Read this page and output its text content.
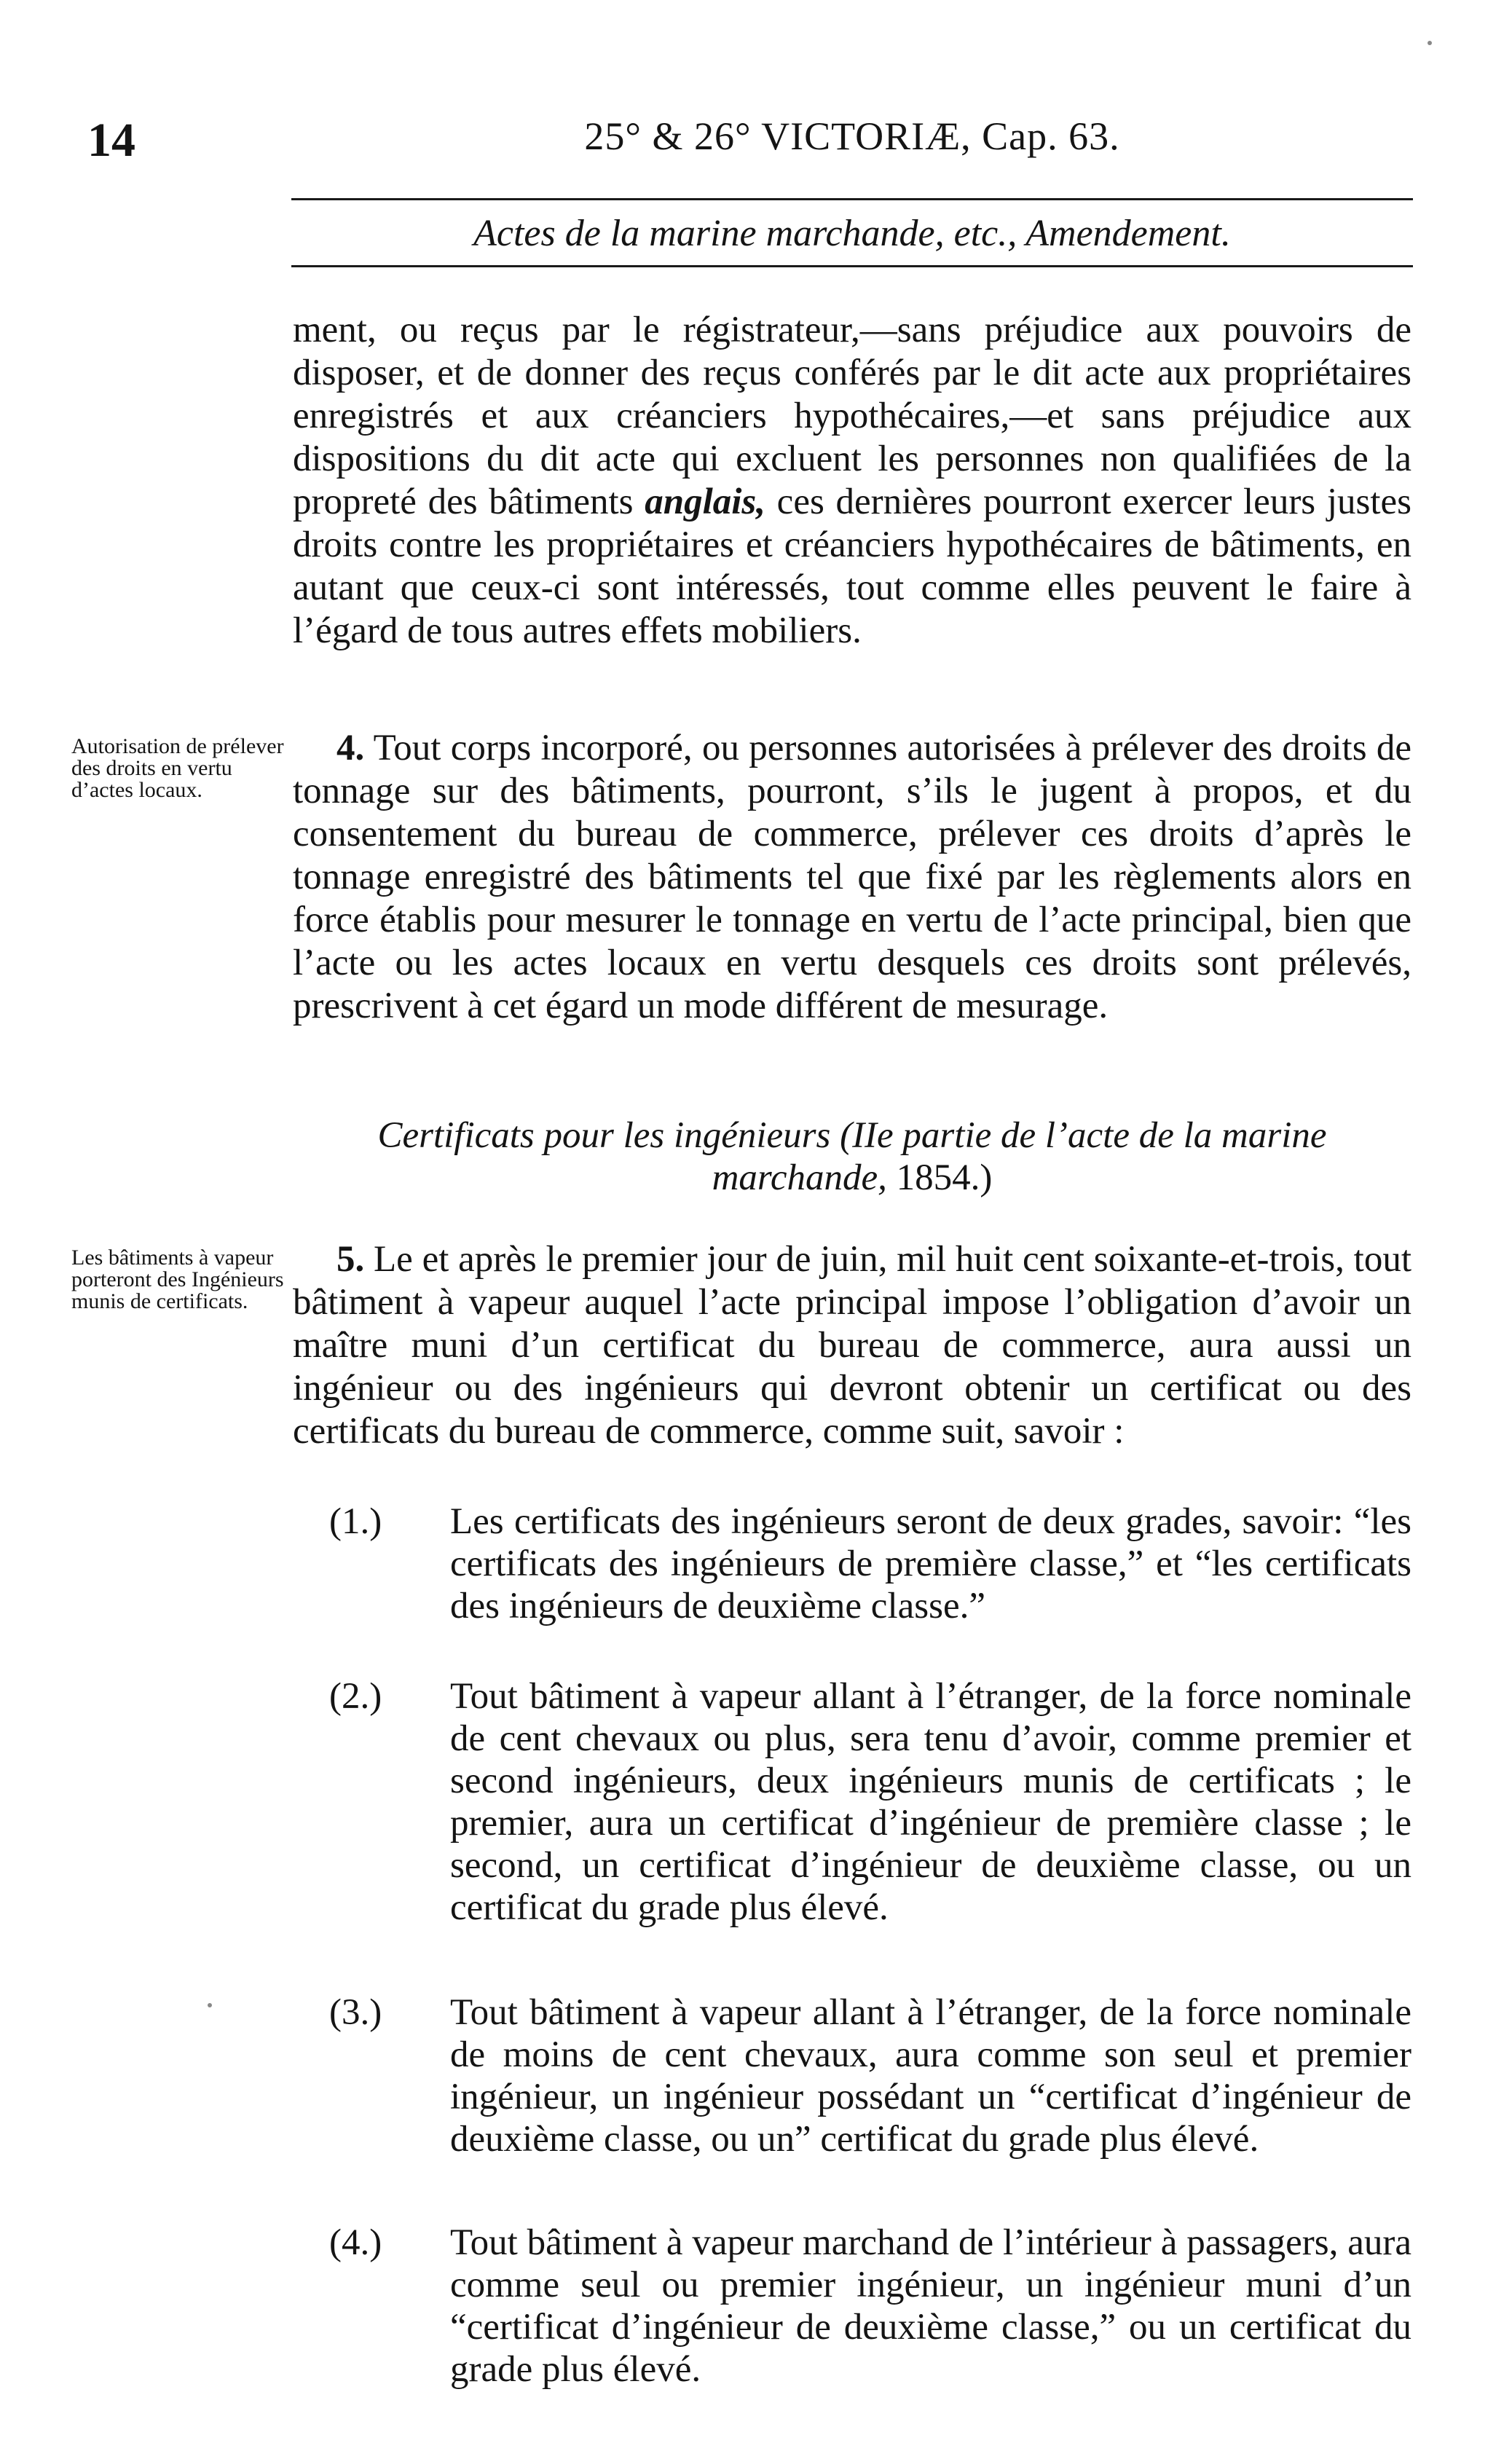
14	25° & 26° VICTORIÆ, Cap. 63.
Actes de la marine marchande, etc., Amendement.

ment, ou reçus par le régistrateur,—sans préjudice aux pouvoirs de disposer, et de donner des reçus conférés par le dit acte aux propriétaires enregistrés et aux créanciers hypothécaires,—et sans préjudice aux dispositions du dit acte qui excluent les personnes non qualifiées de la propreté des bâtiments anglais, ces dernières pourront exercer leurs justes droits contre les propriétaires et créanciers hypothécaires de bâtiments, en autant que ceux-ci sont intéressés, tout comme elles peuvent le faire à l’égard de tous autres effets mobiliers.

Autorisation de prélever des droits en vertu d’actes locaux.

4. Tout corps incorporé, ou personnes autorisées à prélever des droits de tonnage sur des bâtiments, pourront, s’ils le jugent à propos, et du consentement du bureau de commerce, prélever ces droits d’après le tonnage enregistré des bâtiments tel que fixé par les règlements alors en force établis pour mesurer le tonnage en vertu de l’acte principal, bien que l’acte ou les actes locaux en vertu desquels ces droits sont prélevés, prescrivent à cet égard un mode différent de mesurage.

Certificats pour les ingénieurs (IIe partie de l’acte de la marine marchande, 1854.)

Les bâtiments à vapeur porteront des Ingénieurs munis de certificats.

5. Le et après le premier jour de juin, mil huit cent soixante-et-trois, tout bâtiment à vapeur auquel l’acte principal impose l’obligation d’avoir un maître muni d’un certificat du bureau de commerce, aura aussi un ingénieur ou des ingénieurs qui devront obtenir un certificat ou des certificats du bureau de commerce, comme suit, savoir :

(1.)	Les certificats des ingénieurs seront de deux grades, savoir: “les certificats des ingénieurs de première classe,” et “les certificats des ingénieurs de deuxième classe.”

(2.)	Tout bâtiment à vapeur allant à l’étranger, de la force nominale de cent chevaux ou plus, sera tenu d’avoir, comme premier et second ingénieurs, deux ingénieurs munis de certificats ; le premier, aura un certificat d’ingénieur de première classe ; le second, un certificat d’ingénieur de deuxième classe, ou un certificat du grade plus élevé.

(3.)	Tout bâtiment à vapeur allant à l’étranger, de la force nominale de moins de cent chevaux, aura comme son seul et premier ingénieur, un ingénieur possédant un “certificat d’ingénieur de deuxième classe, ou un” certificat du grade plus élevé.

(4.)	Tout bâtiment à vapeur marchand de l’intérieur à passagers, aura comme seul ou premier ingénieur, un ingénieur muni d’un “certificat d’ingénieur de deuxième classe,” ou un certificat du grade plus élevé.
